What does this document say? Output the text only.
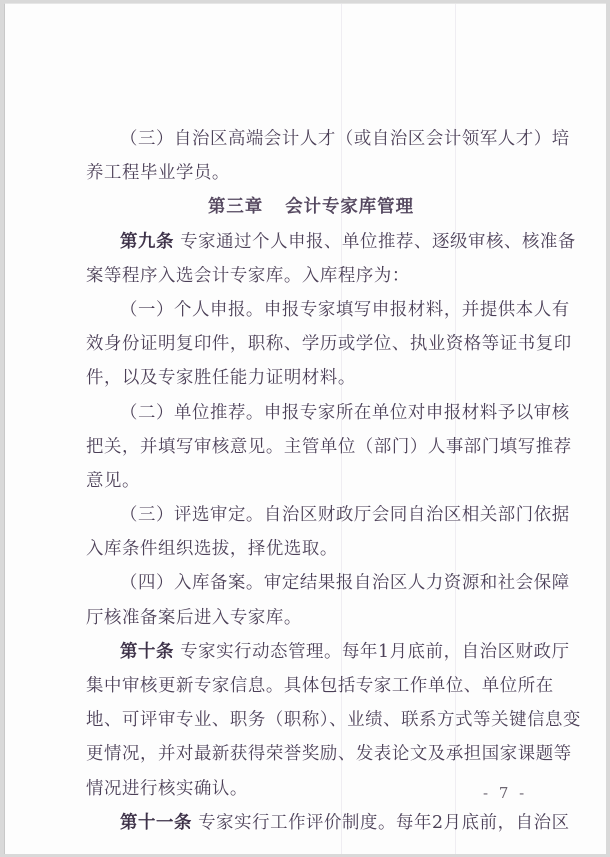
（三）自治区高端会计人才（或自治区会计领军人才）培
养工程毕业学员。
第三章 会计专家库管理
第九条 专家通过个人申报、单位推荐、逐级审核、核准备
案等程序入选会计专家库。入库程序为：
（一）个人申报。申报专家填写申报材料，并提供本人有
效身份证明复印件，职称、学历或学位、执业资格等证书复印
件，以及专家胜任能力证明材料。
（二）单位推荐。申报专家所在单位对申报材料予以审核
把关，并填写审核意见。主管单位（部门）人事部门填写推荐
意见。
（三）评选审定。自治区财政厅会同自治区相关部门依据
入库条件组织选拔，择优选取。
（四）入库备案。审定结果报自治区人力资源和社会保障
厅核准备案后进入专家库。
第十条 专家实行动态管理。每年1月底前，自治区财政厅
集中审核更新专家信息。具体包括专家工作单位、单位所在
地、可评审专业、职务（职称）、业绩、联系方式等关键信息变
更情况，并对最新获得荣誉奖励、发表论文及承担国家课题等
情况进行核实确认。
第十一条 专家实行工作评价制度。每年2月底前，自治区
- 7 -
